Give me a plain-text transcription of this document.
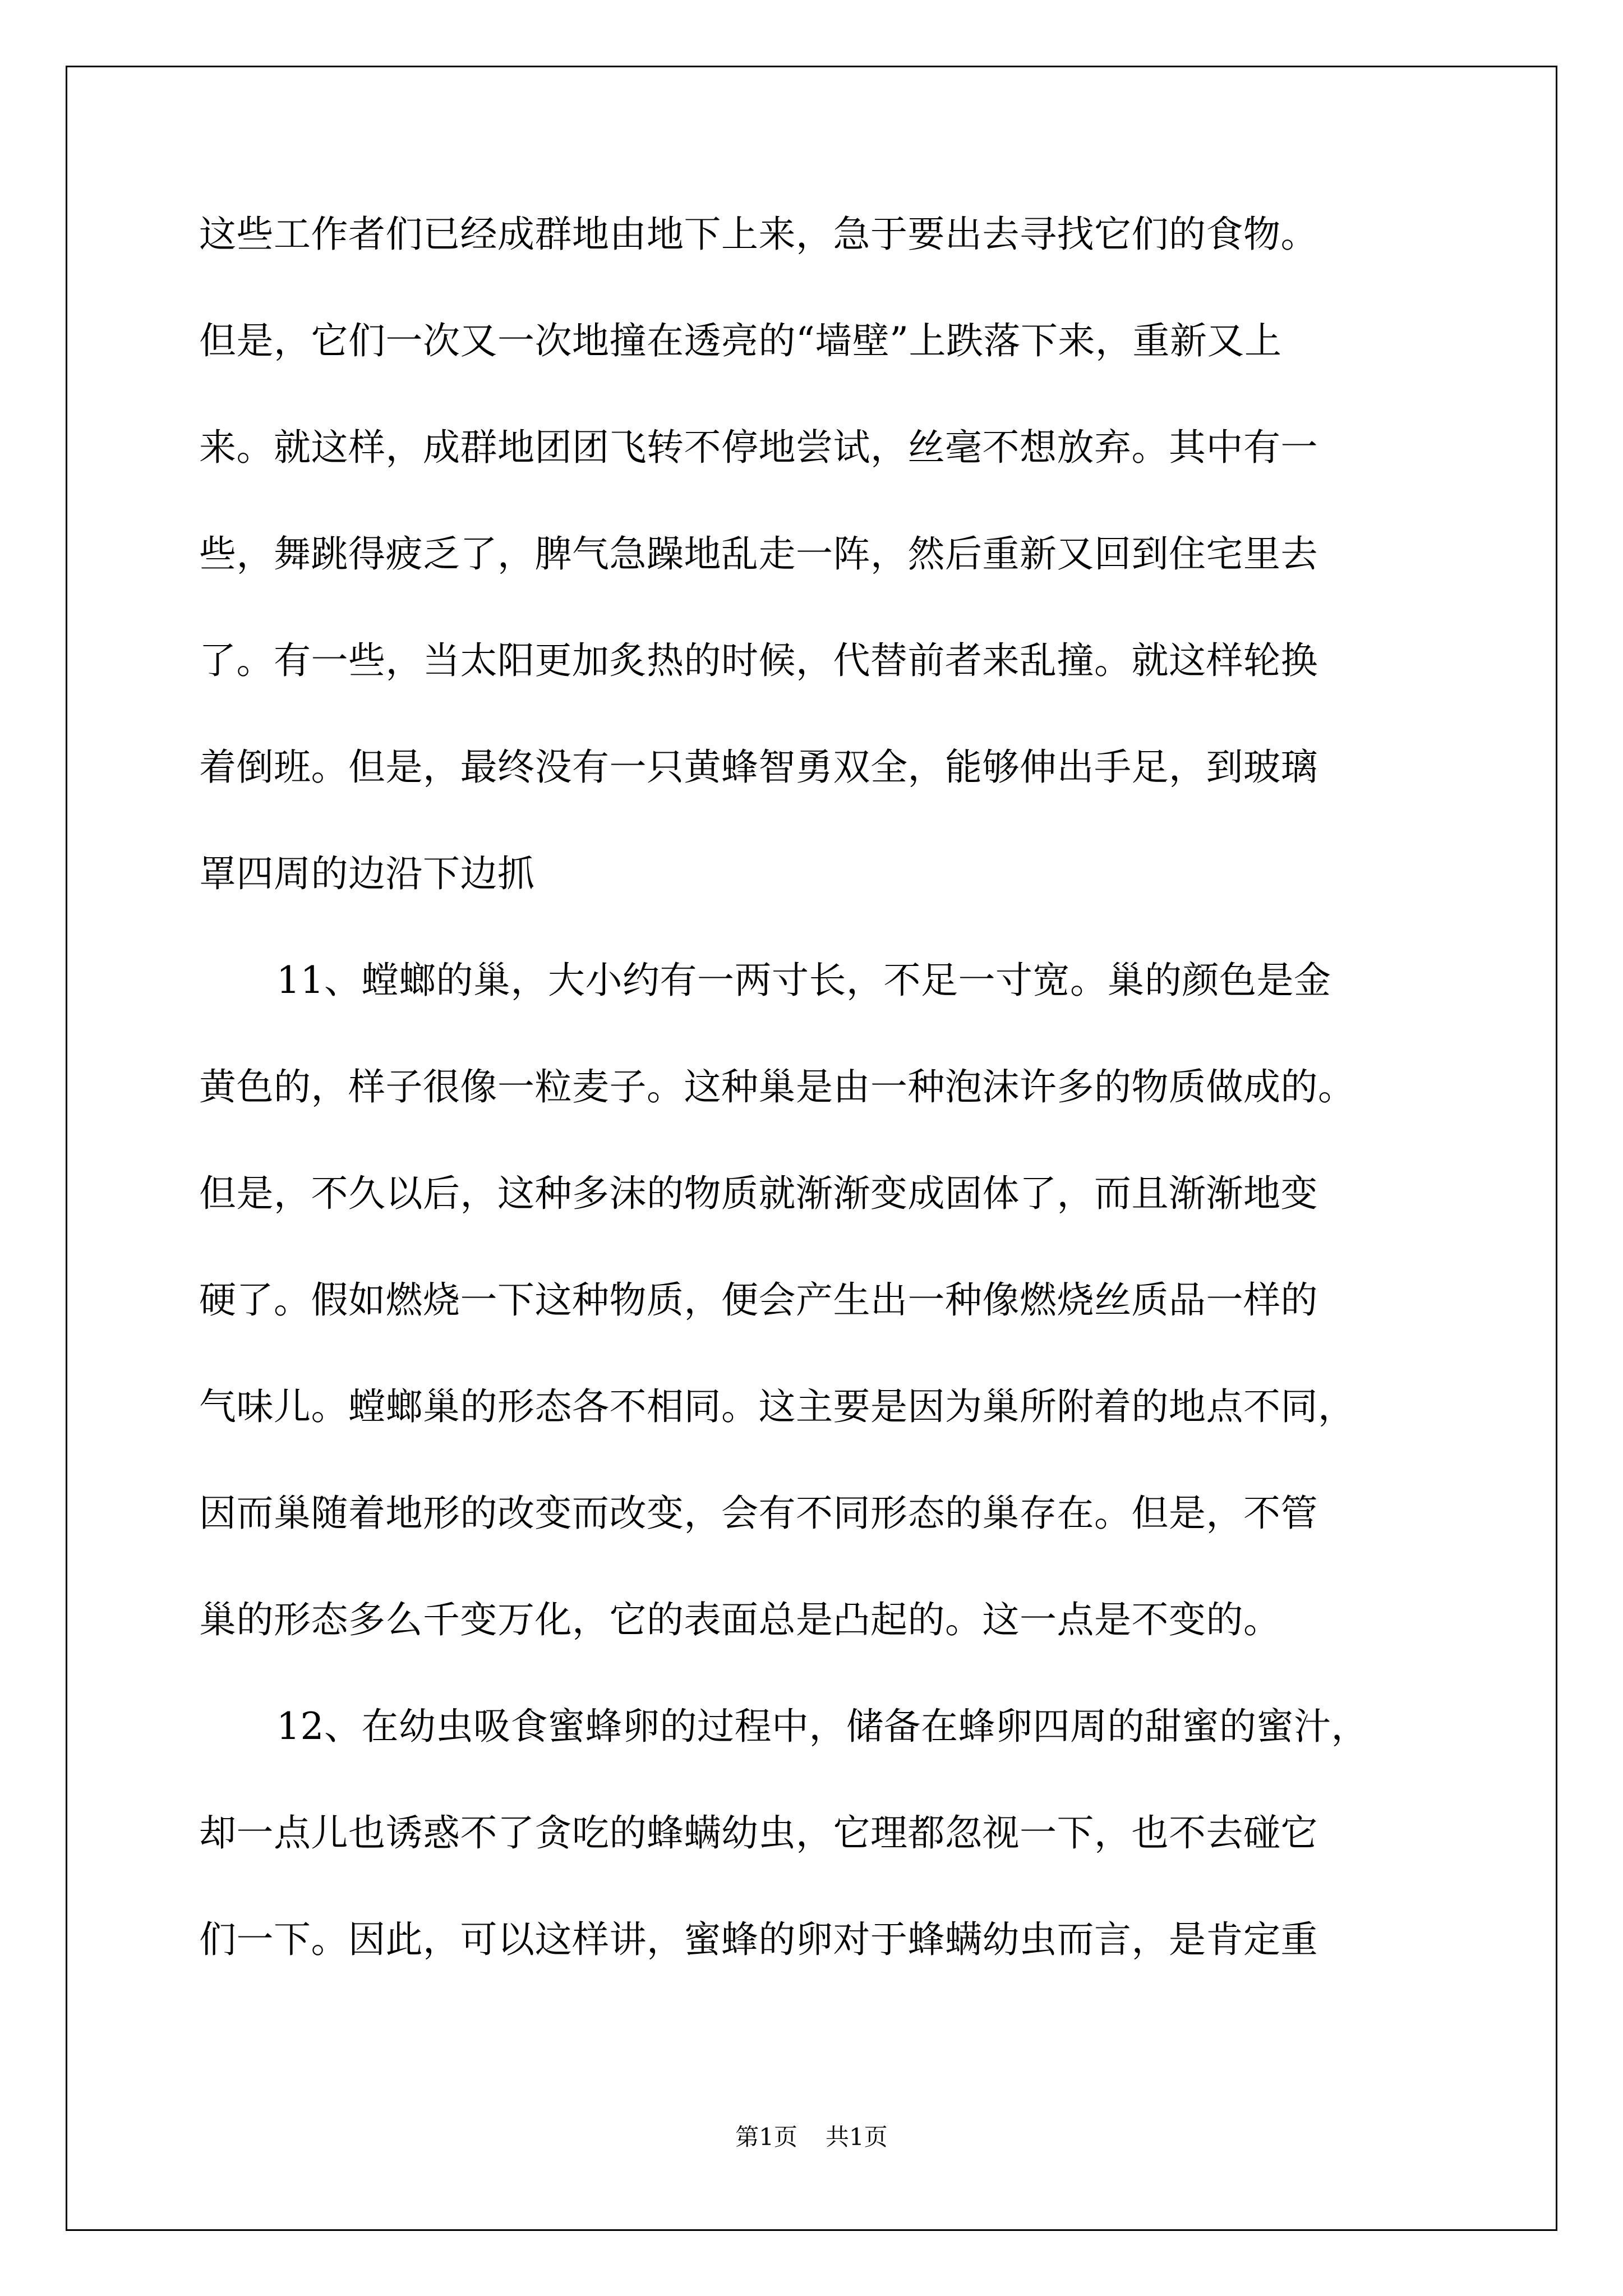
这些工作者们已经成群地由地下上来，急于要出去寻找它们的食物。
但是，它们一次又一次地撞在透亮的“墙壁”上跌落下来，重新又上
来。就这样，成群地团团飞转不停地尝试，丝毫不想放弃。其中有一
些，舞跳得疲乏了，脾气急躁地乱走一阵，然后重新又回到住宅里去
了。有一些，当太阳更加炙热的时候，代替前者来乱撞。就这样轮换
着倒班。但是，最终没有一只黄蜂智勇双全，能够伸出手足，到玻璃
罩四周的边沿下边抓
11、螳螂的巢，大小约有一两寸长，不足一寸宽。巢的颜色是金
黄色的，样子很像一粒麦子。这种巢是由一种泡沫许多的物质做成的。
但是，不久以后，这种多沫的物质就渐渐变成固体了，而且渐渐地变
硬了。假如燃烧一下这种物质，便会产生出一种像燃烧丝质品一样的
气味儿。螳螂巢的形态各不相同。这主要是因为巢所附着的地点不同，
因而巢随着地形的改变而改变，会有不同形态的巢存在。但是，不管
巢的形态多么千变万化，它的表面总是凸起的。这一点是不变的。
12、在幼虫吸食蜜蜂卵的过程中，储备在蜂卵四周的甜蜜的蜜汁，
却一点儿也诱惑不了贪吃的蜂螨幼虫，它理都忽视一下，也不去碰它
们一下。因此，可以这样讲，蜜蜂的卵对于蜂螨幼虫而言，是肯定重
第1页 共1页
